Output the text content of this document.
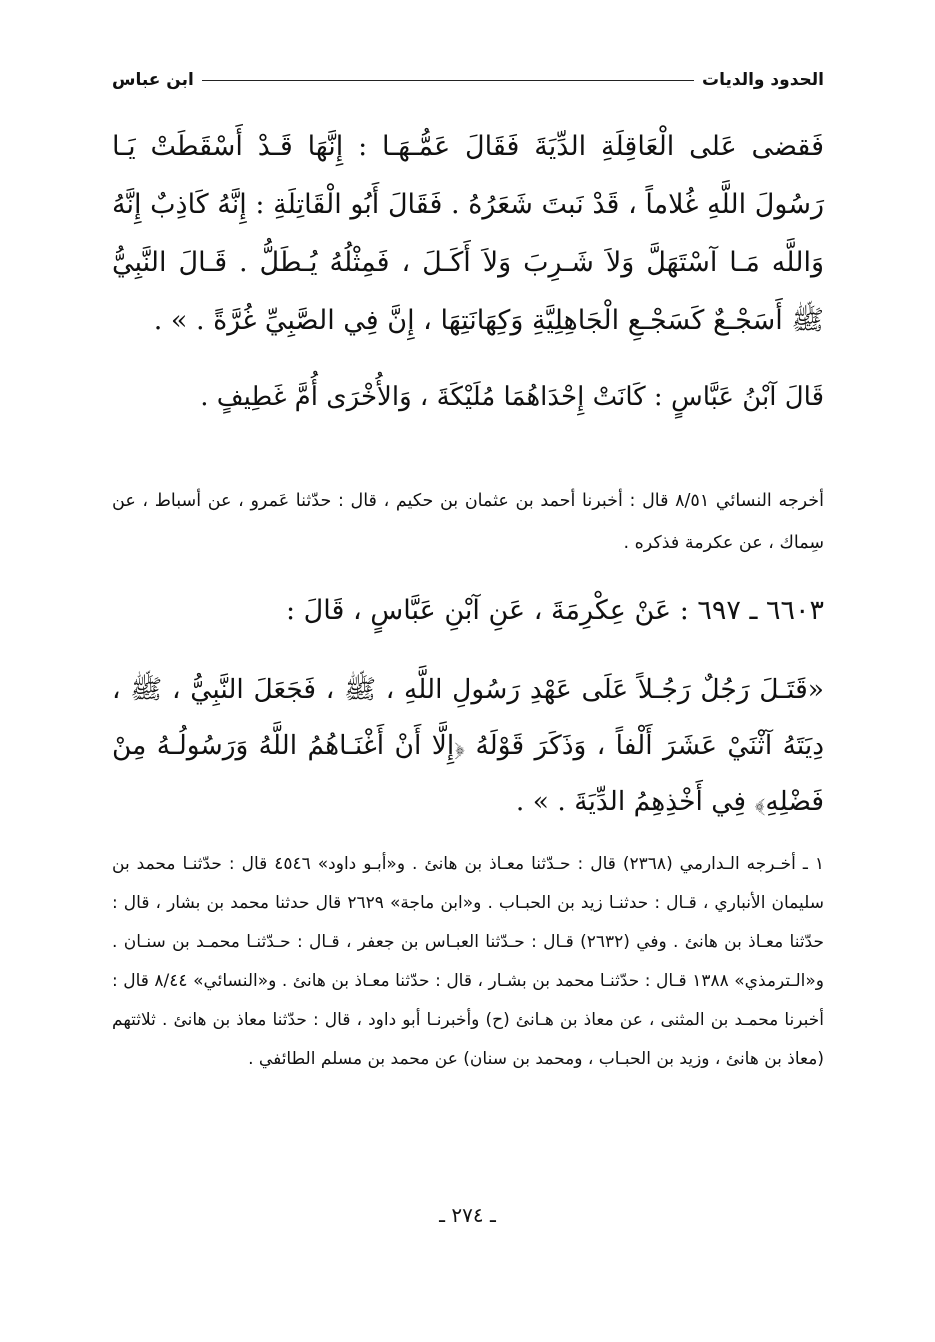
الحدود والديات
ابن عباس
فَقضى عَلى الْعَاقِلَةِ الدِّيَةَ فَقَالَ عَمُّـهَـا : إِنَّهَا قَـدْ أَسْقَطَتْ يَـا رَسُولَ اللَّهِ غُلاماً ، قَدْ نَبتَ شَعَرُهُ . فَقَالَ أَبُو الْقَاتِلَةِ : إِنَّهُ كَاذِبٌ إِنَّهُ وَاللَّه مَـا آسْتَهَلَّ وَلاَ شَـرِبَ وَلاَ أَكَـلَ ، فَمِثْلُهُ يُـطَلُّ . قَـالَ النَّبِيُّ ﷺ أَسَجْـعٌ كَسَجْـعِ الْجَاهِلِيَّةِ وَكِهَانَتِهَا ، إِنَّ فِي الصَّبِيِّ غُرَّةً . » .
قَالَ آبْنُ عَبَّاسٍ : كَانَتْ إِحْدَاهُمَا مُلَيْكَةَ ، وَالأُخْرَى أُمَّ غَطِيفٍ .
أخرجه النسائي ٨/٥١ قال : أخبرنا أحمد بن عثمان بن حكيم ، قال : حدّثنا عَمرو ، عن أسباط ، عن سِماك ، عن عكرمة فذكره .
٦٦٠٣ ـ ٦٩٧ : عَنْ عِكْرِمَةَ ، عَنِ آبْنِ عَبَّاسٍ ، قَالَ :
«قَتَـلَ رَجُلٌ رَجُـلاً عَلَى عَهْدِ رَسُولِ اللَّهِ ، ﷺ ، فَجَعَلَ النَّبِيُّ ، ﷺ ، دِيَتَهُ آثْنَيْ عَشَرَ أَلْفاً ، وَذَكَرَ قَوْلَهُ ﴿إِلَّا أَنْ أَغْنَـاهُمُ اللَّهُ وَرَسُولُـهُ مِنْ فَضْلِهِ﴾ فِي أَخْذِهِمُ الدِّيَةَ . » .
١ ـ أخـرجه الـدارمي (٢٣٦٨) قال : حـدّثنا معـاذ بن هانئ . و«أبـو داود» ٤٥٤٦ قال : حدّثنـا محمد بن سليمان الأنباري ، قـال : حدثنـا زيد بن الحبـاب . و«ابن ماجة» ٢٦٢٩ قال حدثنا محمد بن بشار ، قال : حدّثنا معـاذ بن هانئ . وفي (٢٦٣٢) قـال : حـدّثنا العبـاس بن جعفر ، قـال : حـدّثنـا محمـد بن سنـان . و«الـترمذي» ١٣٨٨ قـال : حدّثنـا محمد بن بشـار ، قال : حدّثنا معـاذ بن هانئ . و«النسائي» ٨/٤٤ قال : أخبرنا محمـد بن المثنى ، عن معاذ بن هـانئ (ح) وأخبرنـا أبو داود ، قال : حدّثنا معاذ بن هانئ . ثلاثتهم (معاذ بن هانئ ، وزيد بن الحبـاب ، ومحمد بن سنان) عن محمد بن مسلم الطائفي .
ـ ٢٧٤ ـ
